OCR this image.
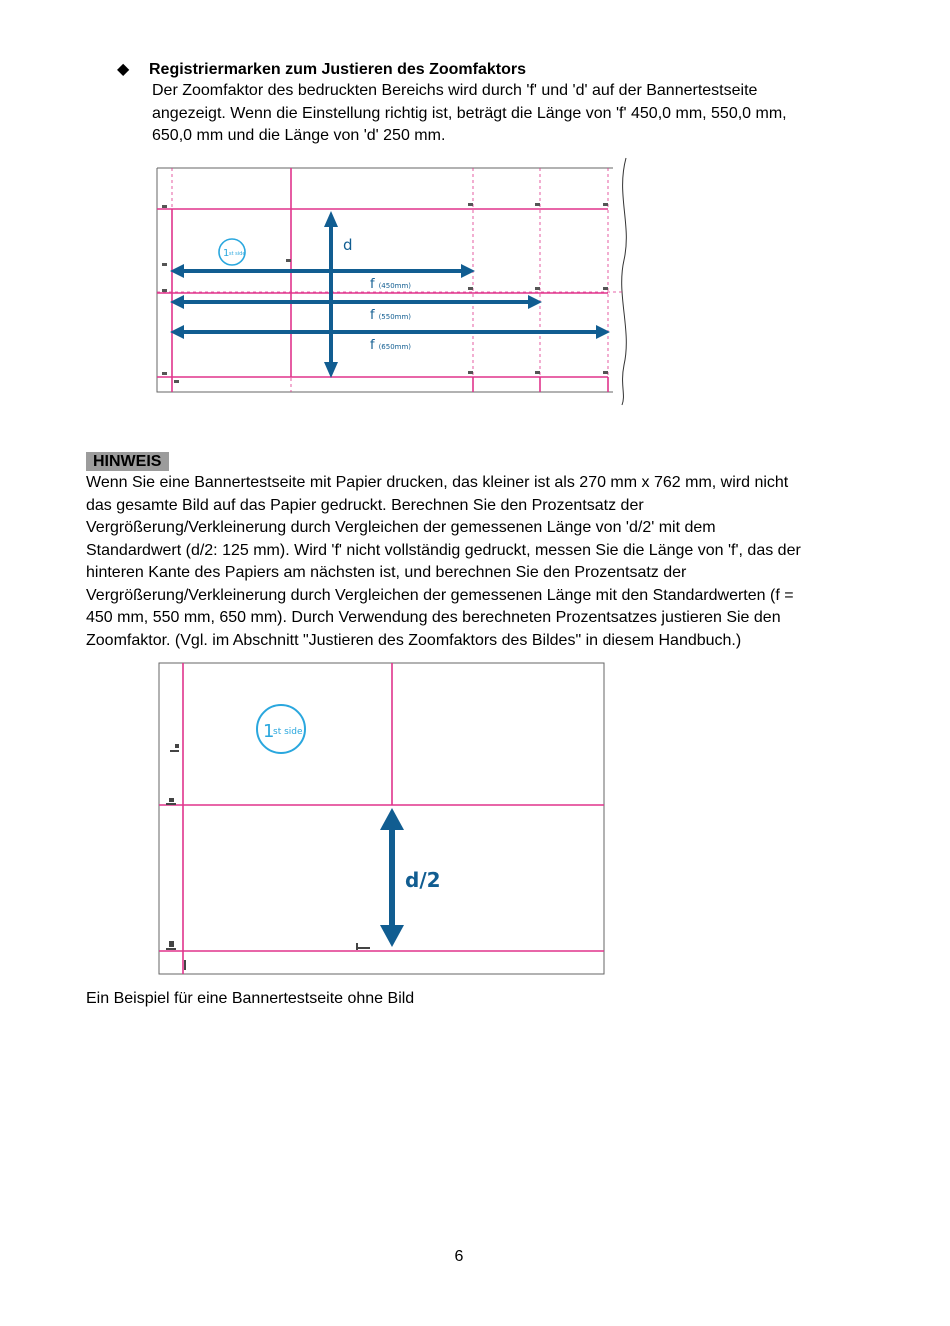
◆ Registriermarken zum Justieren des Zoomfaktors
Der Zoomfaktor des bedruckten Bereichs wird durch 'f' und 'd' auf der Bannertestseite
angezeigt. Wenn die Einstellung richtig ist, beträgt die Länge von 'f' 450,0 mm, 550,0 mm,
650,0 mm und die Länge von 'd' 250 mm.
1 st side	d
f (450mm)
f (550mm)
f (650mm)
HINWEIS
Wenn Sie eine Bannertestseite mit Papier drucken, das kleiner ist als 270 mm x 762 mm, wird nicht
das gesamte Bild auf das Papier gedruckt. Berechnen Sie den Prozentsatz der
Vergrößerung/Verkleinerung durch Vergleichen der gemessenen Länge von 'd/2' mit dem
Standardwert (d/2: 125 mm). Wird 'f' nicht vollständig gedruckt, messen Sie die Länge von 'f', das der
hinteren Kante des Papiers am nächsten ist, und berechnen Sie den Prozentsatz der
Vergrößerung/Verkleinerung durch Vergleichen der gemessenen Länge mit den Standardwerten (f =
450 mm, 550 mm, 650 mm). Durch Verwendung des berechneten Prozentsatzes justieren Sie den
Zoomfaktor. (Vgl. im Abschnitt "Justieren des Zoomfaktors des Bildes" in diesem Handbuch.)
1
st side
d/2
Ein Beispiel für eine Bannertestseite ohne Bild
6
